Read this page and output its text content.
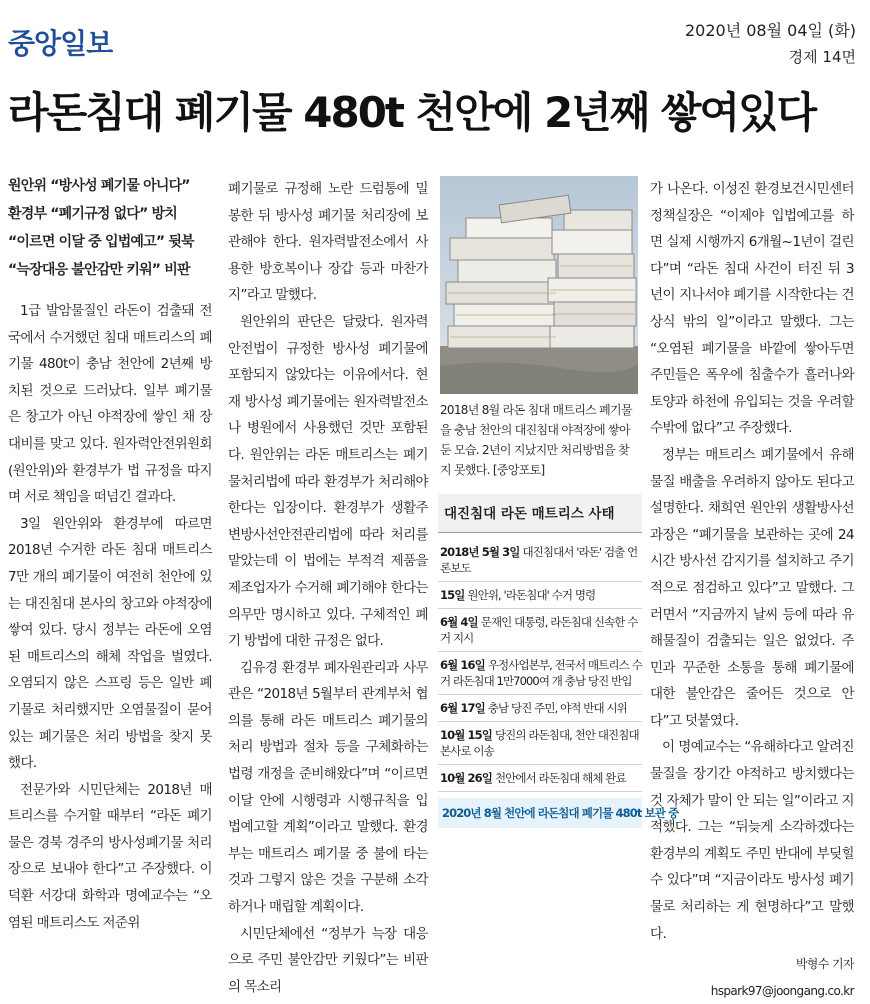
중앙일보	2020년 08월 04일 (화)
경제 14면
라돈침대 폐기물 480t 천안에 2년째 쌓여있다
원안위 “방사성 폐기물 아니다”
환경부 “폐기규정 없다” 방치
“이르면 이달 중 입법예고” 뒷북
“늑장대응 불안감만 키워” 비판

1급 발암물질인 라돈이 검출돼 전국에서 수거했던 침대 매트리스의 폐기물 480t이 충남 천안에 2년째 방치된 것으로 드러났다. 일부 폐기물은 창고가 아닌 야적장에 쌓인 채 장대비를 맞고 있다. 원자력안전위원회(원안위)와 환경부가 법 규정을 따지며 서로 책임을 떠넘긴 결과다.

3일 원안위와 환경부에 따르면 2018년 수거한 라돈 침대 매트리스 7만 개의 폐기물이 여전히 천안에 있는 대진침대 본사의 창고와 야적장에 쌓여 있다. 당시 정부는 라돈에 오염된 매트리스의 해체 작업을 벌였다. 오염되지 않은 스프링 등은 일반 폐기물로 처리했지만 오염물질이 묻어 있는 폐기물은 처리 방법을 찾지 못했다.

전문가와 시민단체는 2018년 매트리스를 수거할 때부터 “라돈 폐기물은 경북 경주의 방사성폐기물 처리장으로 보내야 한다”고 주장했다. 이덕환 서강대 화학과 명예교수는 “오염된 매트리스도 저준위

폐기물로 규정해 노란 드럼통에 밀봉한 뒤 방사성 폐기물 처리장에 보관해야 한다. 원자력발전소에서 사용한 방호복이나 장갑 등과 마찬가지”라고 말했다.

원안위의 판단은 달랐다. 원자력안전법이 규정한 방사성 폐기물에 포함되지 않았다는 이유에서다. 현재 방사성 폐기물에는 원자력발전소나 병원에서 사용했던 것만 포함된다. 원안위는 라돈 매트리스는 폐기물처리법에 따라 환경부가 처리해야 한다는 입장이다. 환경부가 생활주변방사선안전관리법에 따라 처리를 맡았는데 이 법에는 부적격 제품을 제조업자가 수거해 폐기해야 한다는 의무만 명시하고 있다. 구체적인 폐기 방법에 대한 규정은 없다.

김유경 환경부 폐자원관리과 사무관은 “2018년 5월부터 관계부처 협의를 통해 라돈 매트리스 폐기물의 처리 방법과 절차 등을 구체화하는 법령 개정을 준비해왔다”며 “이르면 이달 안에 시행령과 시행규칙을 입법예고할 계획”이라고 말했다. 환경부는 매트리스 폐기물 중 불에 타는 것과 그렇지 않은 것을 구분해 소각하거나 매립할 계획이다.

시민단체에선 “정부가 늑장 대응으로 주민 불안감만 키웠다”는 비판의 목소리

2018년 8월 라돈 침대 매트리스 폐기물을 충남 천안의 대진침대 야적장에 쌓아둔 모습. 2년이 지났지만 처리방법을 찾지 못했다. [중앙포토]
대진침대 라돈 매트리스 사태
2018년 5월 3일 대진침대서 '라돈' 검출 언론보도
15일 원안위, '라돈침대' 수거 명령
6월 4일 문재인 대통령, 라돈침대 신속한 수거 지시
6월 16일 우정사업본부, 전국서 매트리스 수거 라돈침대 1만7000여 개 충남 당진 반입
6월 17일 충남 당진 주민, 야적 반대 시위
10월 15일 당진의 라돈침대, 천안 대진침대 본사로 이송
10월 26일 천안에서 라돈침대 해체 완료
2020년 8월 천안에 라돈침대 폐기물 480t 보관 중

가 나온다. 이성진 환경보건시민센터 정책실장은 “이제야 입법예고를 하면 실제 시행까지 6개월~1년이 걸린다”며 “라돈 침대 사건이 터진 뒤 3년이 지나서야 폐기를 시작한다는 건 상식 밖의 일”이라고 말했다. 그는 “오염된 폐기물을 바깥에 쌓아두면 주민들은 폭우에 침출수가 흘러나와 토양과 하천에 유입되는 것을 우려할 수밖에 없다”고 주장했다.

정부는 매트리스 폐기물에서 유해물질 배출을 우려하지 않아도 된다고 설명한다. 채희연 원안위 생활방사선과장은 “폐기물을 보관하는 곳에 24시간 방사선 감지기를 설치하고 주기적으로 점검하고 있다”고 말했다. 그러면서 “지금까지 날씨 등에 따라 유해물질이 검출되는 일은 없었다. 주민과 꾸준한 소통을 통해 폐기물에 대한 불안감은 줄어든 것으로 안다”고 덧붙였다.

이 명예교수는 “유해하다고 알려진 물질을 장기간 야적하고 방치했다는 것 자체가 말이 안 되는 일”이라고 지적했다. 그는 “뒤늦게 소각하겠다는 환경부의 계획도 주민 반대에 부딪힐 수 있다”며 “지금이라도 방사성 폐기물로 처리하는 게 현명하다”고 말했다.

박형수 기자 hspark97@joongang.co.kr
